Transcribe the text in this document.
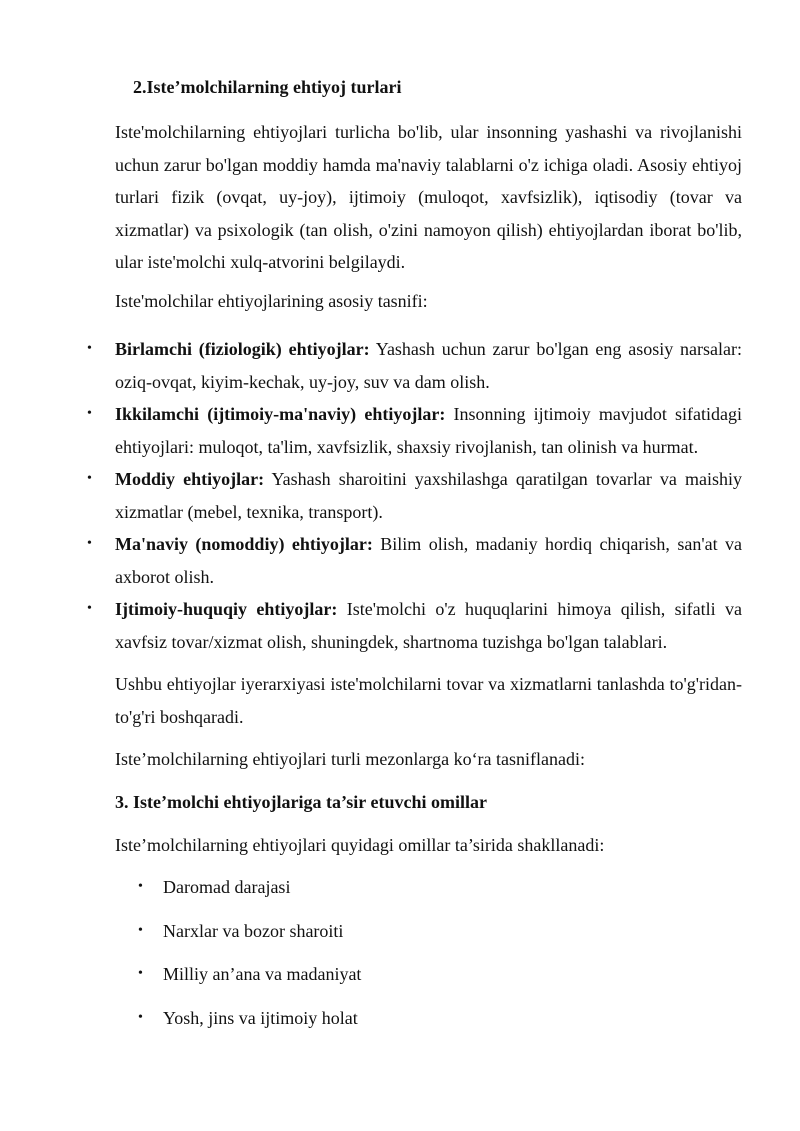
2.Iste’molchilarning ehtiyoj turlari
Iste'molchilarning ehtiyojlari turlicha bo'lib, ular insonning yashashi va rivojlanishi uchun zarur bo'lgan moddiy hamda ma'naviy talablarni o'z ichiga oladi. Asosiy ehtiyoj turlari fizik (ovqat, uy-joy), ijtimoiy (muloqot, xavfsizlik), iqtisodiy (tovar va xizmatlar) va psixologik (tan olish, o'zini namoyon qilish) ehtiyojlardan iborat bo'lib, ular iste'molchi xulq-atvorini belgilaydi.
Iste'molchilar ehtiyojlarining asosiy tasnifi:
• Birlamchi (fiziologik) ehtiyojlar: Yashash uchun zarur bo'lgan eng asosiy narsalar: oziq-ovqat, kiyim-kechak, uy-joy, suv va dam olish.
• Ikkilamchi (ijtimoiy-ma'naviy) ehtiyojlar: Insonning ijtimoiy mavjudot sifatidagi ehtiyojlari: muloqot, ta'lim, xavfsizlik, shaxsiy rivojlanish, tan olinish va hurmat.
• Moddiy ehtiyojlar: Yashash sharoitini yaxshilashga qaratilgan tovarlar va maishiy xizmatlar (mebel, texnika, transport).
• Ma'naviy (nomoddiy) ehtiyojlar: Bilim olish, madaniy hordiq chiqarish, san'at va axborot olish.
• Ijtimoiy-huquqiy ehtiyojlar: Iste'molchi o'z huquqlarini himoya qilish, sifatli va xavfsiz tovar/xizmat olish, shuningdek, shartnoma tuzishga bo'lgan talablari.
Ushbu ehtiyojlar iyerarxiyasi iste'molchilarni tovar va xizmatlarni tanlashda to'g'ridan-to'g'ri boshqaradi.
Iste’molchilarning ehtiyojlari turli mezonlarga ko‘ra tasniflanadi:
3. Iste’molchi ehtiyojlariga ta’sir etuvchi omillar
Iste’molchilarning ehtiyojlari quyidagi omillar ta’sirida shakllanadi:
• Daromad darajasi
• Narxlar va bozor sharoiti
• Milliy an’ana va madaniyat
• Yosh, jins va ijtimoiy holat
